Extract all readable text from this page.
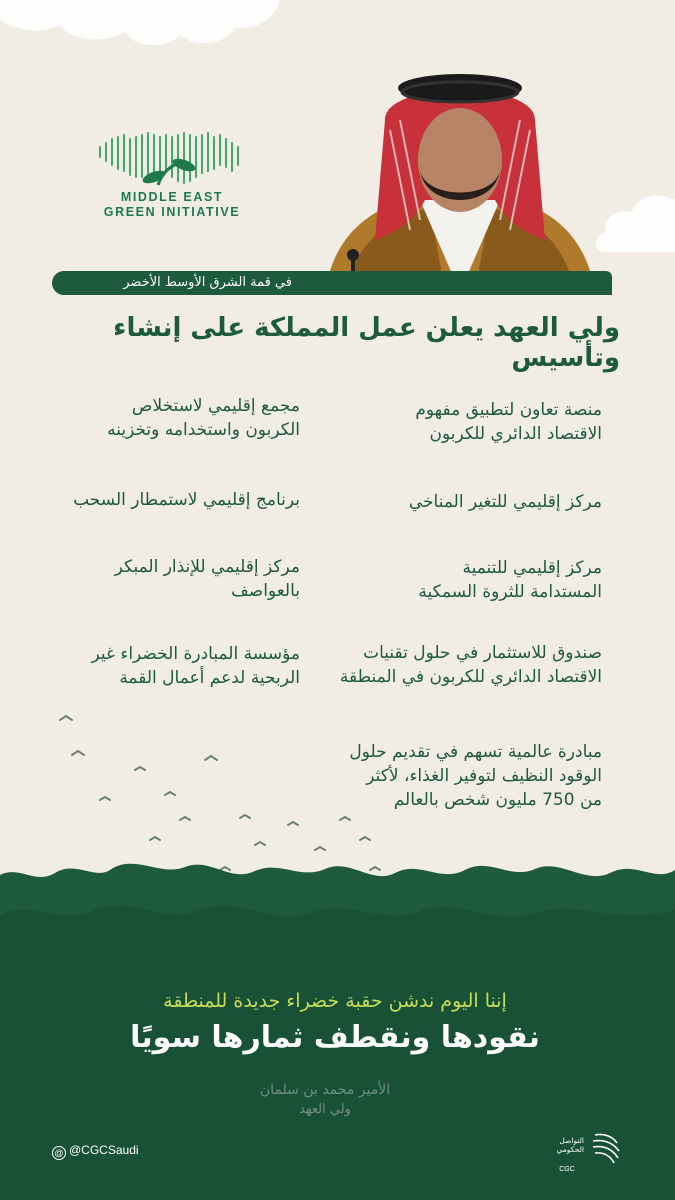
MIDDLE EAST
GREEN INITIATIVE
في قمة الشرق الأوسط الأخضر
ولي العهد يعلن عمل المملكة على إنشاء وتأسيس
منصة تعاون لتطبيق مفهوم
الاقتصاد الدائري للكربون
مركز إقليمي للتغير المناخي
مركز إقليمي للتنمية
المستدامة للثروة السمكية
صندوق للاستثمار في حلول تقنيات
الاقتصاد الدائري للكربون في المنطقة
مبادرة عالمية تسهم في تقديم حلول
الوقود النظيف لتوفير الغذاء، لأكثر
من 750 مليون شخص بالعالم
مجمع إقليمي لاستخلاص
الكربون واستخدامه وتخزينه
برنامج إقليمي لاستمطار السحب
مركز إقليمي للإنذار المبكر
بالعواصف
مؤسسة المبادرة الخضراء غير
الربحية لدعم أعمال القمة
إننا اليوم ندشن حقبة خضراء جديدة للمنطقة
نقودها ونقطف ثمارها سويًا
الأمير محمد بن سلمان
ولي العهد
@ @CGCSaudi
التواصل
الحكومي
CGC
